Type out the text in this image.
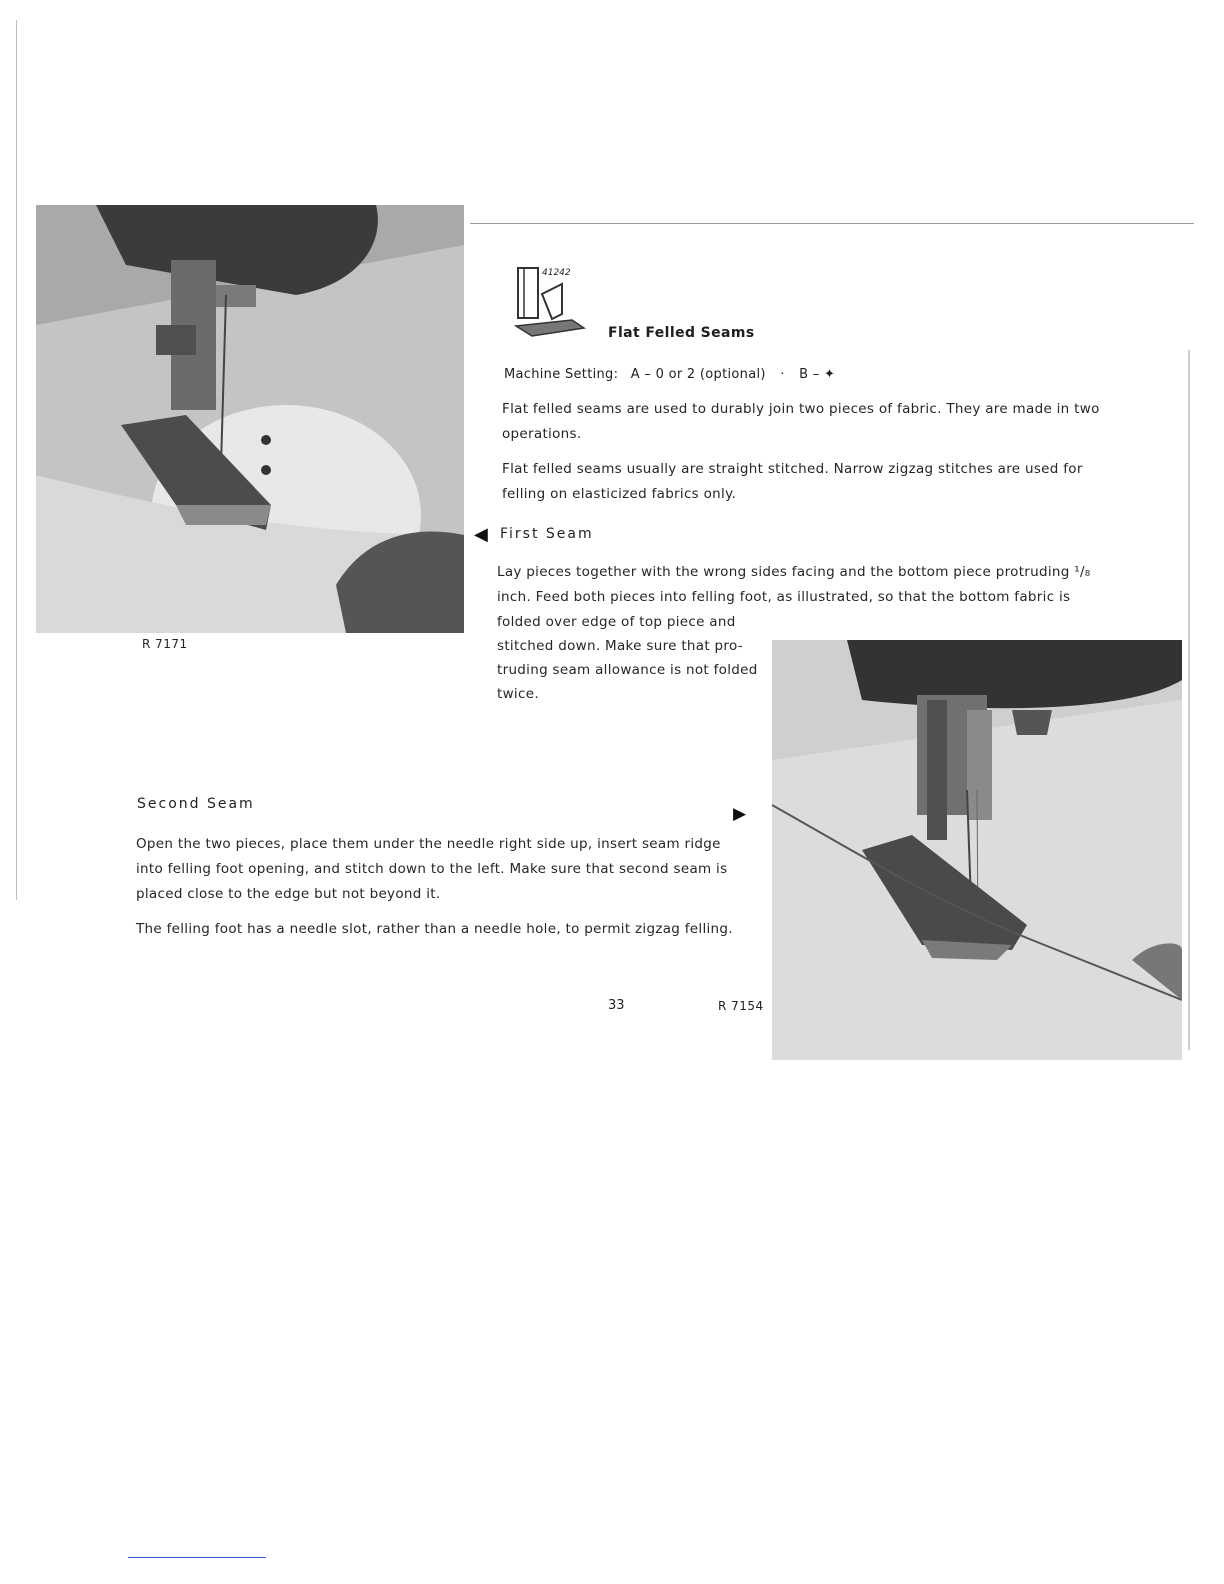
R 7171
41242
Flat Felled Seams
Machine Setting: A – 0 or 2 (optional) · B – ✦

Flat felled seams are used to durably join two pieces of fabric. They are made in two operations.

Flat felled seams usually are straight stitched. Narrow zigzag stitches are used for felling on elasticized fabrics only.

◀ First Seam

Lay pieces together with the wrong sides facing and the bottom piece protruding ¹/₈ inch. Feed both pieces into felling foot, as illustrated, so that the bottom fabric is

folded over edge of top piece and
stitched down. Make sure that pro-
truding seam allowance is not folded
twice.
Second Seam	▶

Open the two pieces, place them under the needle right side up, insert seam ridge into felling foot opening, and stitch down to the left. Make sure that second seam is placed close to the edge but not beyond it.

The felling foot has a needle slot, rather than a needle hole, to permit zigzag felling.

33	R 7154
